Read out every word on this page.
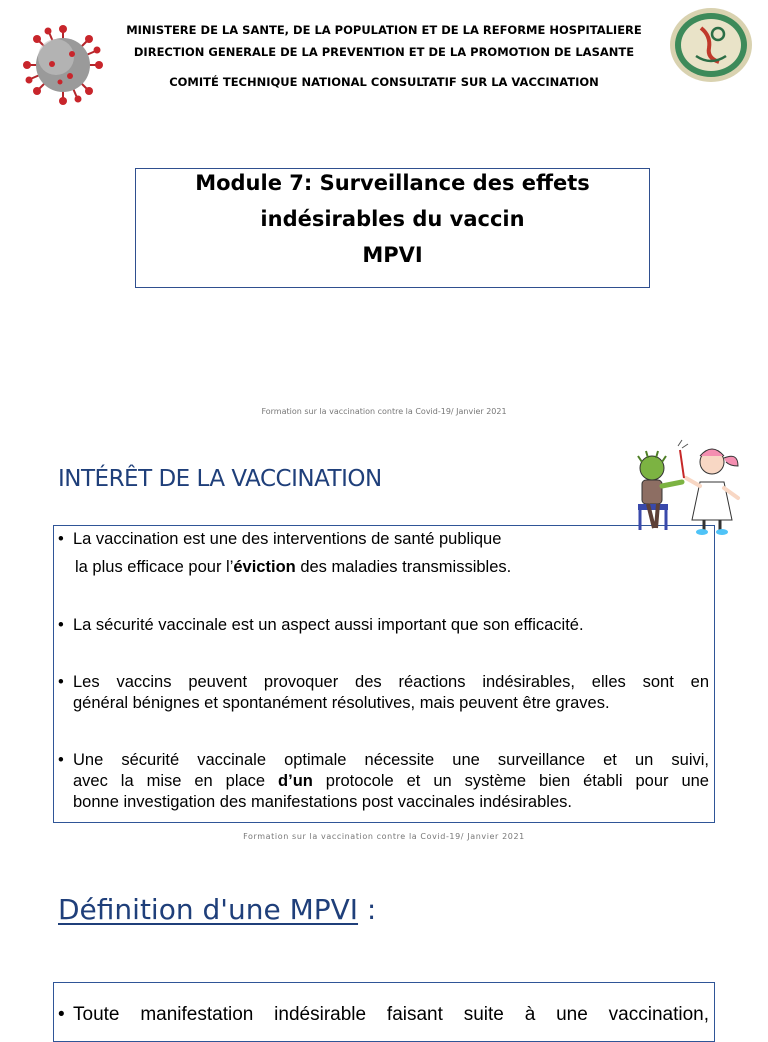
MINISTERE DE LA SANTE, DE LA POPULATION ET DE LA REFORME HOSPITALIERE
DIRECTION GENERALE DE LA PREVENTION ET DE LA PROMOTION DE LASANTE
COMITÉ TECHNIQUE NATIONAL CONSULTATIF SUR LA VACCINATION
Module 7: Surveillance des effets
indésirables du vaccin
MPVI
Formation sur la vaccination contre la Covid-19/ Janvier 2021
INTÉRÊT DE LA VACCINATION
• La vaccination est une des interventions de santé publique
la plus efficace pour l’éviction des maladies transmissibles.
• La sécurité vaccinale est un aspect aussi important que son efficacité.
• Les vaccins peuvent provoquer des réactions indésirables, elles sont en
général bénignes et spontanément résolutives, mais peuvent être graves.
• Une sécurité vaccinale optimale nécessite une surveillance et un suivi,
avec la mise en place d’un protocole et un système bien établi pour une
bonne investigation des manifestations post vaccinales indésirables.
Formation sur la vaccination contre la Covid-19/ Janvier 2021
Définition d'une MPVI :
• Toute manifestation indésirable faisant suite à une vaccination,
